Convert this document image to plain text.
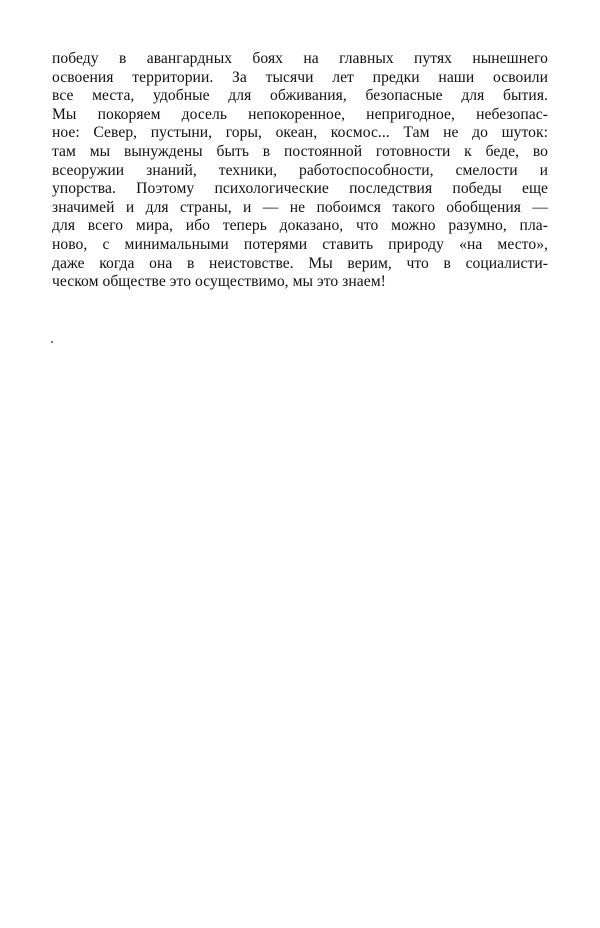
победу в авангардных боях на главных путях нынешнего
освоения территории. За тысячи лет предки наши освоили
все места, удобные для обживания, безопасные для бытия.
Мы покоряем досель непокоренное, непригодное, небезопас-
ное: Север, пустыни, горы, океан, космос... Там не до шуток:
там мы вынуждены быть в постоянной готовности к беде, во
всеоружии знаний, техники, работоспособности, смелости и
упорства. Поэтому психологические последствия победы еще
значимей и для страны, и — не побоимся такого обобщения —
для всего мира, ибо теперь доказано, что можно разумно, пла-
ново, с минимальными потерями ставить природу «на место»,
даже когда она в неистовстве. Мы верим, что в социалисти-
ческом обществе это осуществимо, мы это знаем!
